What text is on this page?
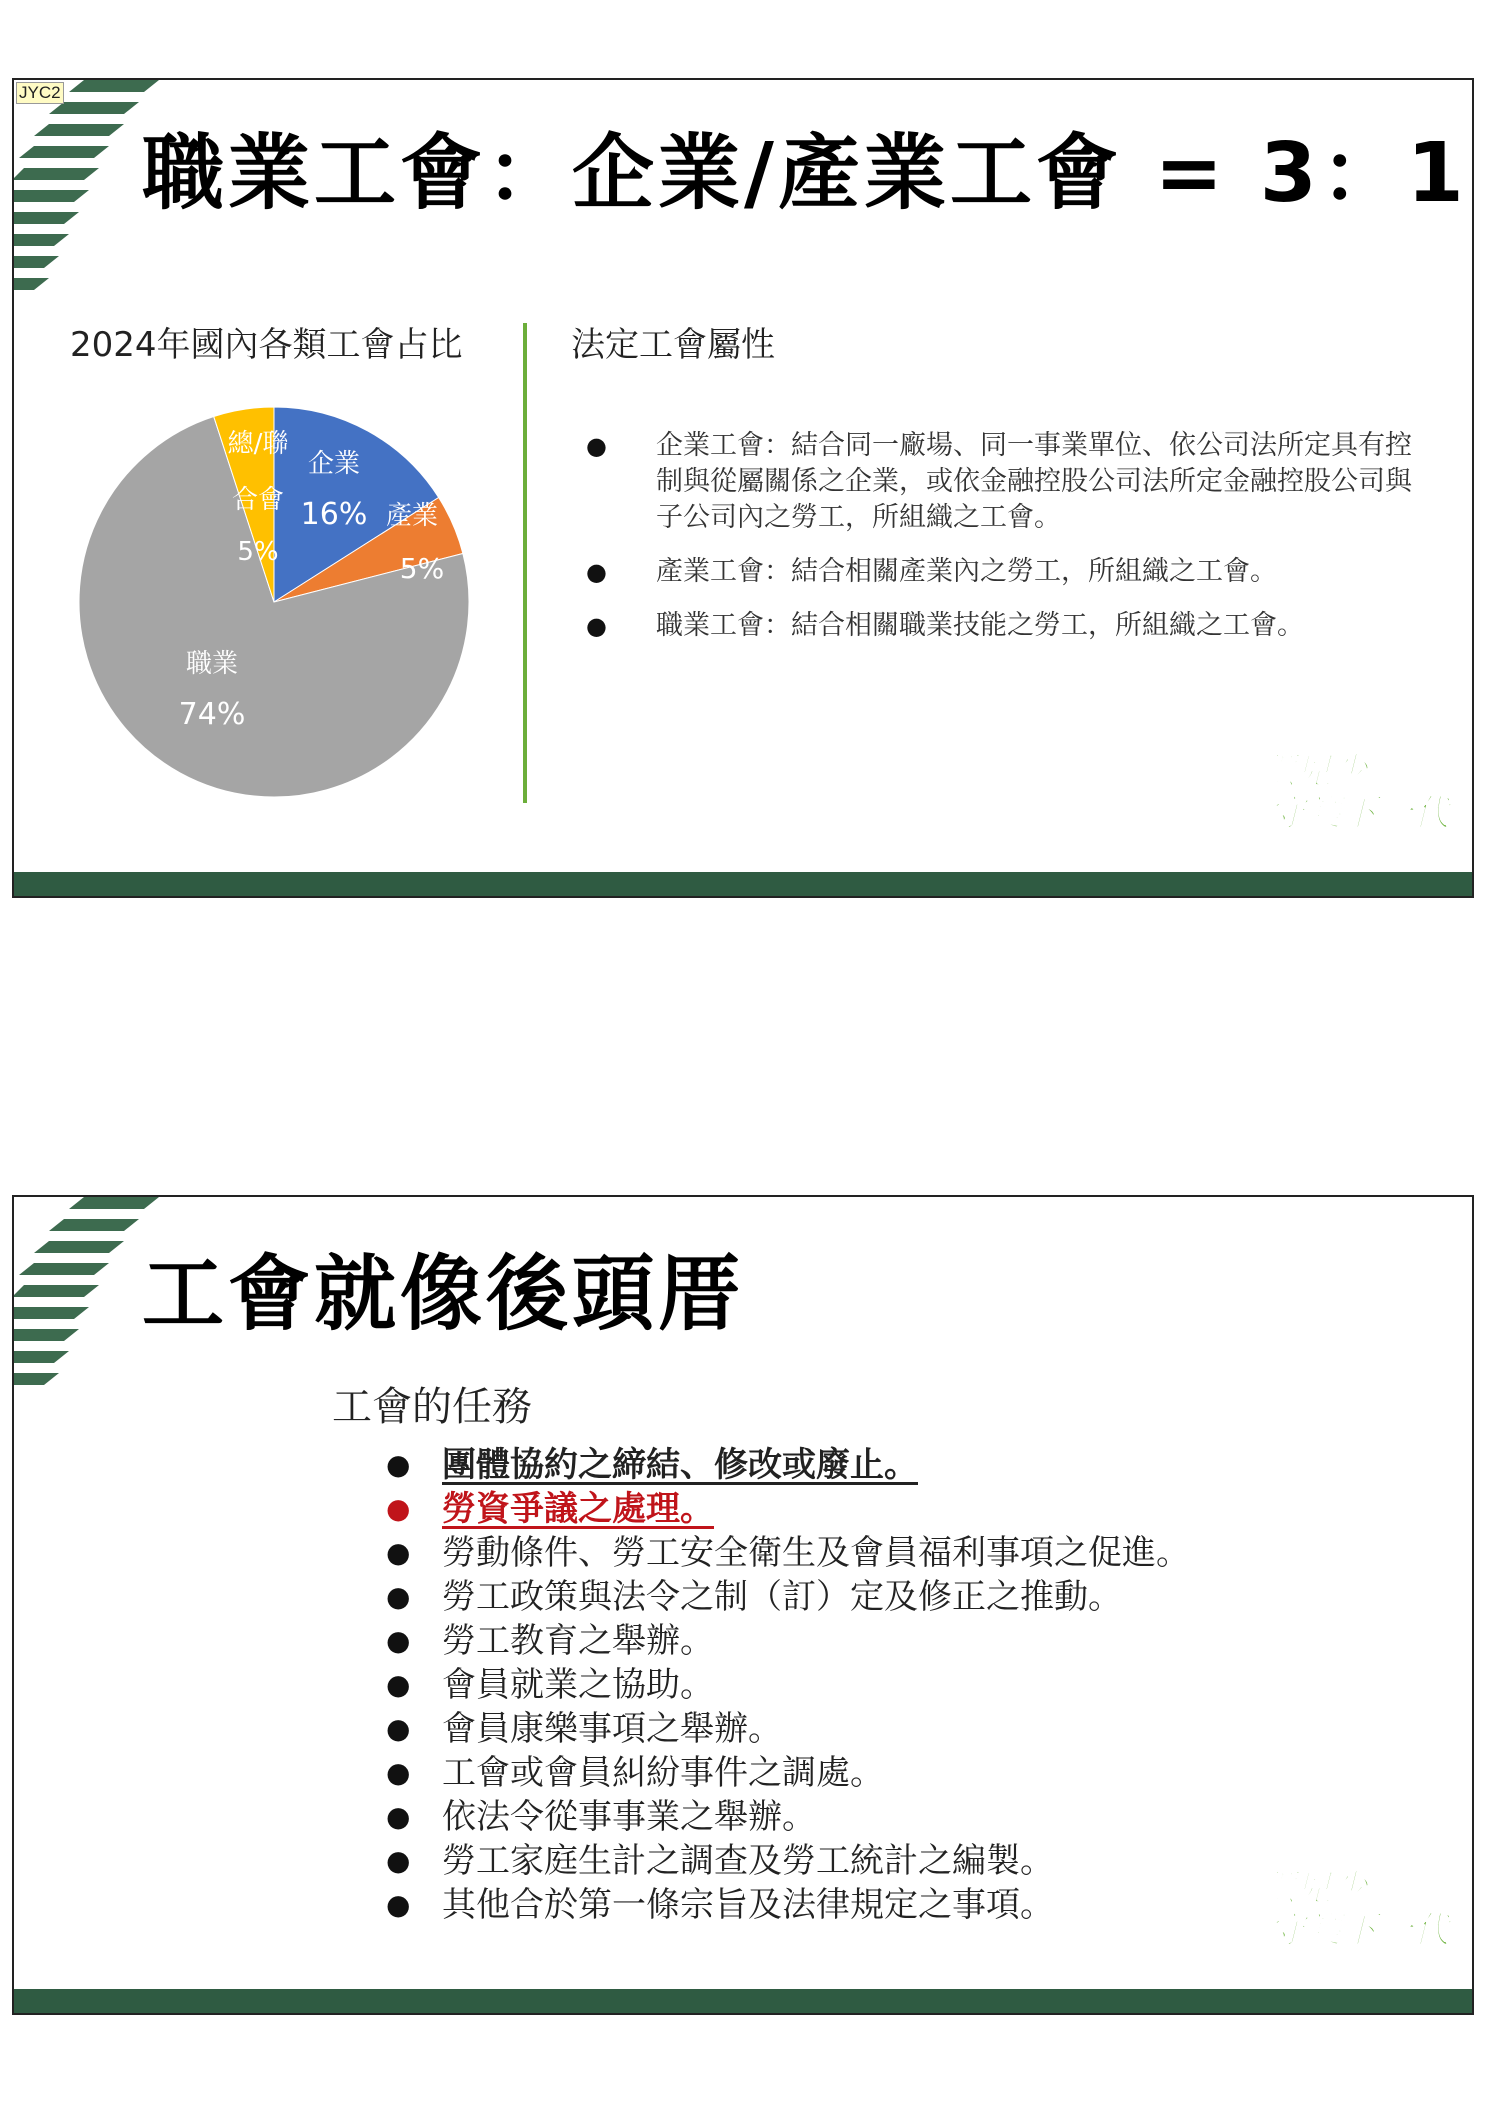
JYC2
職業工會：企業/產業工會 = 3：1
2024年國內各類工會占比
企業
16% 產業
5%
職業
74%
總/聯
合會
5%
法定工會屬性
● 企業工會：結合同一廠場、同一事業單位、依公司法所定具有控制與從屬關係之企業，或依金融控股公司法所定金融控股公司與子公司內之勞工，所組織之工會。
● 產業工會：結合相關產業內之勞工，所組織之工會。
● 職業工會：結合相關職業技能之勞工，所組織之工會。
顧兒少
守護下一代
工會就像後頭厝
工會的任務
● 團體協約之締結、修改或廢止。
● 勞資爭議之處理。
● 勞動條件、勞工安全衛生及會員福利事項之促進。
● 勞工政策與法令之制（訂）定及修正之推動。
● 勞工教育之舉辦。
● 會員就業之協助。
● 會員康樂事項之舉辦。
● 工會或會員糾紛事件之調處。
● 依法令從事事業之舉辦。
● 勞工家庭生計之調查及勞工統計之編製。
● 其他合於第一條宗旨及法律規定之事項。	顧兒少
守護下一代
